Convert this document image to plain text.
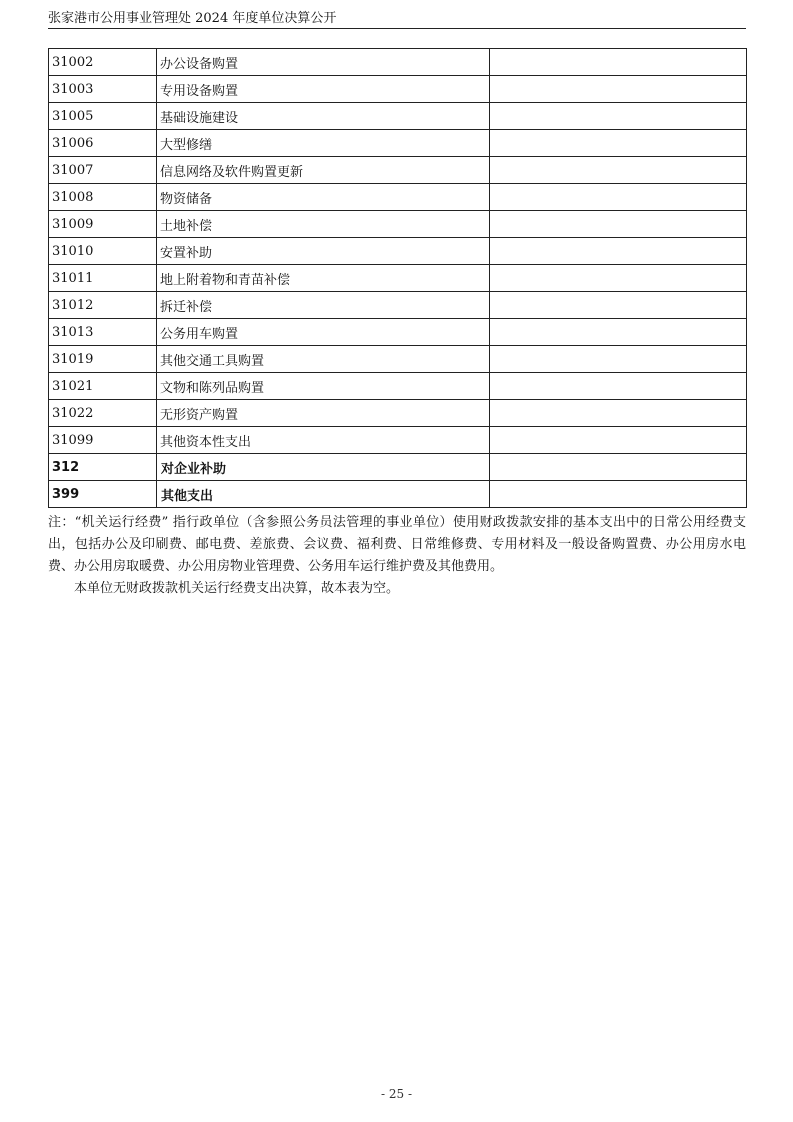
张家港市公用事业管理处 2024 年度单位决算公开
31002	办公设备购置	
31003	专用设备购置	
31005	基础设施建设	
31006	大型修缮	
31007	信息网络及软件购置更新	
31008	物资储备	
31009	土地补偿	
31010	安置补助	
31011	地上附着物和青苗补偿	
31012	拆迁补偿	
31013	公务用车购置	
31019	其他交通工具购置	
31021	文物和陈列品购置	
31022	无形资产购置	
31099	其他资本性支出	
312	对企业补助	
399	其他支出	

注：“机关运行经费” 指行政单位（含参照公务员法管理的事业单位）使用财政拨款安排的基本支出中的日常公用经费支出，包括办公及印刷费、邮电费、差旅费、会议费、福利费、日常维修费、专用材料及一般设备购置费、办公用房水电费、办公用房取暖费、办公用房物业管理费、公务用车运行维护费及其他费用。

本单位无财政拨款机关运行经费支出决算，故本表为空。

- 25 -
